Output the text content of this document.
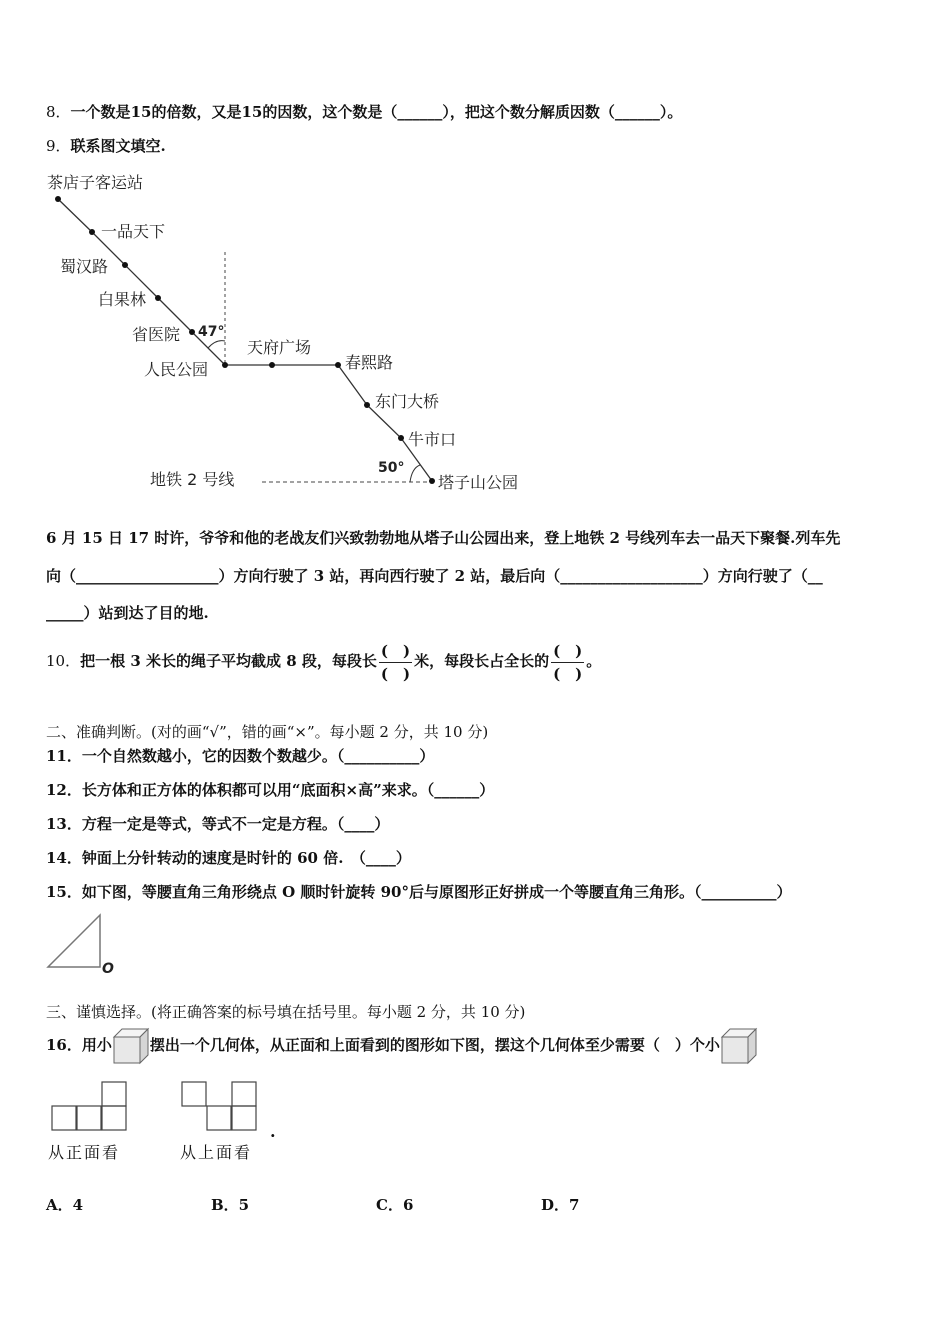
8．一个数是15的倍数，又是15的因数，这个数是（______），把这个数分解质因数（______）。
9．联系图文填空.
茶店子客运站
一品天下
蜀汉路
白果林
省医院
人民公园
天府广场
春熙路
东门大桥
牛市口
塔子山公园
47°
50°
地铁 2 号线
6 月 15 日 17 时许，爷爷和他的老战友们兴致勃勃地从塔子山公园出来，登上地铁 2 号线列车去一品天下聚餐.列车先
向（___________________）方向行驶了 3 站，再向西行驶了 2 站，最后向（___________________）方向行驶了（__
_____）站到达了目的地.
10．把一根 3 米长的绳子平均截成 8 段，每段长 $\frac{( )}{( )}$ 米，每段长占全长的 $\frac{( )}{( )}$ 。
二、准确判断。(对的画“√”，错的画“×”。每小题 2 分，共 10 分)
11．一个自然数越小，它的因数个数越少。（__________）
12．长方体和正方体的体积都可以用“底面积×高”来求。（______）
13．方程一定是等式，等式不一定是方程。（____）
14．钟面上分针转动的速度是时针的 60 倍.　（____）
15．如下图，等腰直角三角形绕点 O 顺时针旋转 90°后与原图形正好拼成一个等腰直角三角形。（__________）
O
三、谨慎选择。(将正确答案的标号填在括号里。每小题 2 分，共 10 分)
16．用小	摆出一个几何体，从正面和上面看到的图形如下图，摆这个几何体至少需要（　）个小
从正面看	从上面看
.
A．4	B．5	C．6	D．7
